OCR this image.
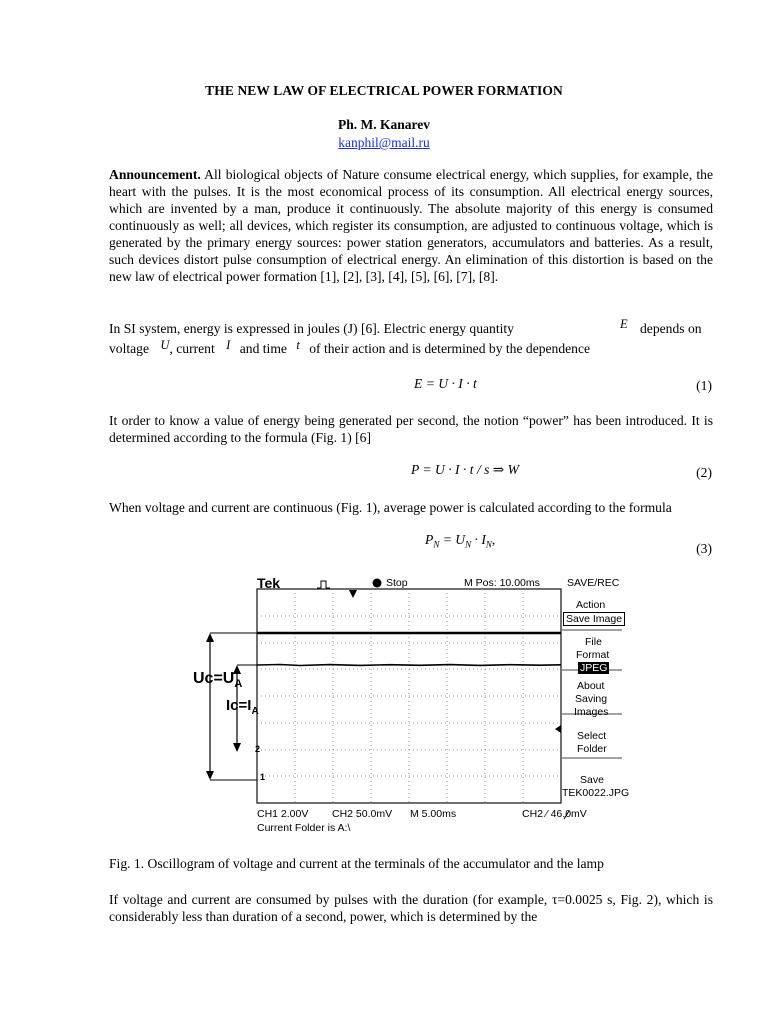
THE NEW LAW OF ELECTRICAL POWER FORMATION
Ph. M. Kanarev
kanphil@mail.ru
Announcement. All biological objects of Nature consume electrical energy, which supplies, for example, the heart with the pulses. It is the most economical process of its consumption. All electrical energy sources, which are invented by a man, produce it continuously. The absolute majority of this energy is consumed continuously as well; all devices, which register its consumption, are adjusted to continuous voltage, which is generated by the primary energy sources: power station generators, accumulators and batteries. As a result, such devices distort pulse consumption of electrical energy. An elimination of this distortion is based on the new law of electrical power formation [1], [2], [3], [4], [5], [6], [7], [8].
In SI system, energy is expressed in joules (J) [6]. Electric energy quantity	E depends on
voltage U, current I and time t of their action and is determined by the dependence
E = U · I · t	(1)
It order to know a value of energy being generated per second, the notion “power” has been introduced. It is determined according to the formula (Fig. 1) [6]
P = U · I · t / s ⇒ W	(2)
When voltage and current are continuous (Fig. 1), average power is calculated according to the formula
$P_N = U_N \cdot I_N$,
(3)
Tek	Stop	M Pos: 10.00ms	SAVE/REC
Action
Save Image
File
Format
JPEG
About
Saving
Images
Select
Folder
Save
TEK0022.JPG
$Uc=U_A$
$Ic=I_A$
1
2
CH1 2.00V CH2 50.0mV M 5.00ms	CH2 ⁄ 46.0mV
Current Folder is A:\
Fig. 1. Oscillogram of voltage and current at the terminals of the accumulator and the lamp
If voltage and current are consumed by pulses with the duration (for example, τ=0.0025 s, Fig. 2), which is considerably less than duration of a second, power, which is determined by the
